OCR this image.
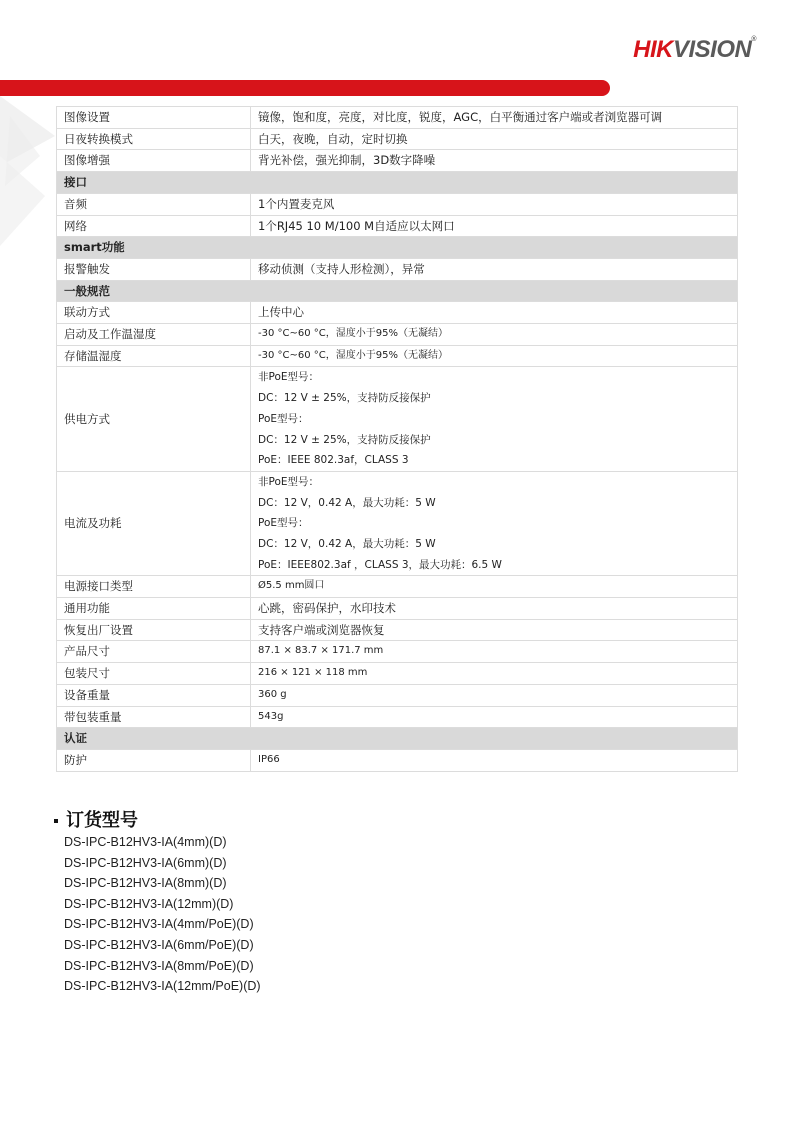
HIKVISION®
图像设置	镜像，饱和度，亮度，对比度，锐度，AGC，白平衡通过客户端或者浏览器可调
日夜转换模式	白天，夜晚，自动，定时切换
图像增强	背光补偿，强光抑制，3D数字降噪
接口	
音频	1个内置麦克风
网络	1个RJ45 10 M/100 M自适应以太网口
smart功能	
报警触发	移动侦测（支持人形检测），异常
一般规范	
联动方式	上传中心
启动及工作温湿度	-30 °C~60 °C，湿度小于95%（无凝结）
存储温湿度	-30 °C~60 °C，湿度小于95%（无凝结）
供电方式	非PoE型号：
DC：12 V ± 25%，支持防反接保护
PoE型号：
DC：12 V ± 25%，支持防反接保护
PoE：IEEE 802.3af，CLASS 3

电流及功耗	非PoE型号：
DC：12 V，0.42 A，最大功耗：5 W
PoE型号：
DC：12 V，0.42 A，最大功耗：5 W
PoE：IEEE802.3af ，CLASS 3，最大功耗：6.5 W

电源接口类型	Ø5.5 mm圆口
通用功能	心跳，密码保护，水印技术
恢复出厂设置	支持客户端或浏览器恢复
产品尺寸	87.1 × 83.7 × 171.7 mm
包装尺寸	216 × 121 × 118 mm
设备重量	360 g
带包装重量	543g
认证	
防护	IP66
订货型号
DS-IPC-B12HV3-IA(4mm)(D)
DS-IPC-B12HV3-IA(6mm)(D)
DS-IPC-B12HV3-IA(8mm)(D)
DS-IPC-B12HV3-IA(12mm)(D)
DS-IPC-B12HV3-IA(4mm/PoE)(D)
DS-IPC-B12HV3-IA(6mm/PoE)(D)
DS-IPC-B12HV3-IA(8mm/PoE)(D)
DS-IPC-B12HV3-IA(12mm/PoE)(D)
